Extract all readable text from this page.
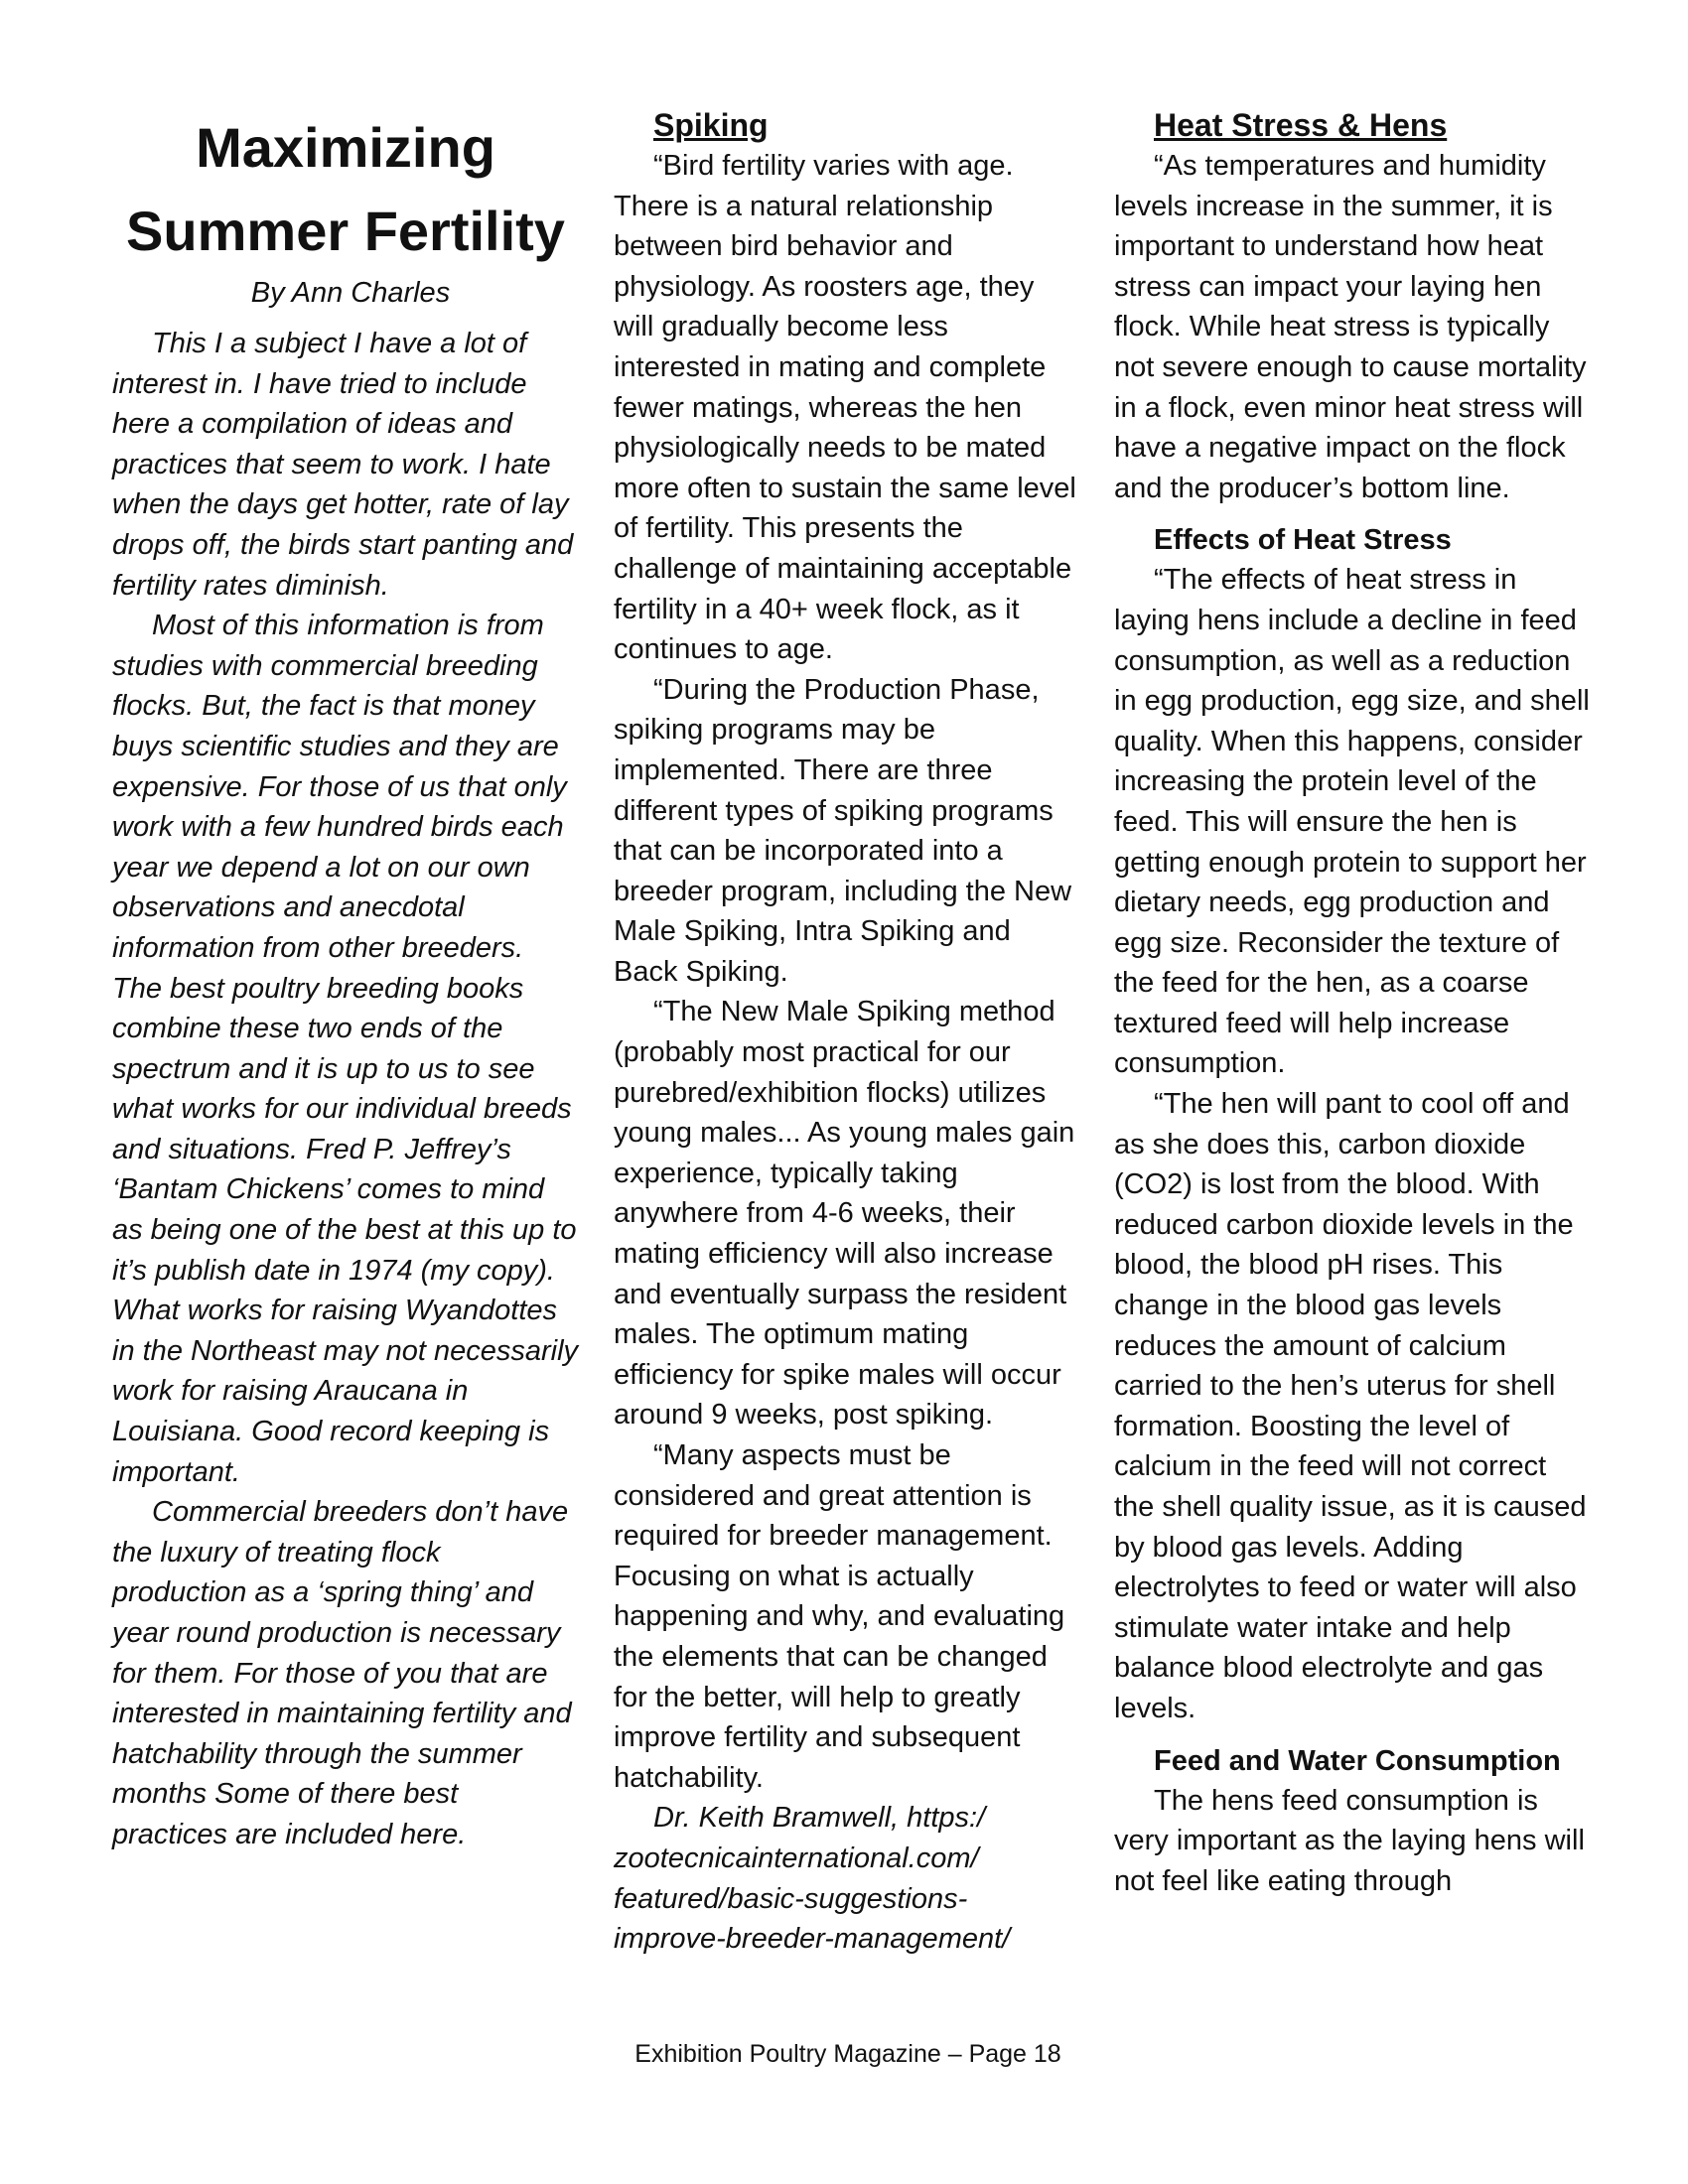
Maximizing
Summer Fertility

By Ann Charles

This I a subject I have a lot of interest in. I have tried to include here a compilation of ideas and practices that seem to work. I hate when the days get hotter, rate of lay drops off, the birds start panting and fertility rates diminish.

Most of this information is from studies with commercial breeding flocks. But, the fact is that money buys scientific studies and they are expensive. For those of us that only work with a few hundred birds each year we depend a lot on our own observations and anecdotal information from other breeders. The best poultry breeding books combine these two ends of the spectrum and it is up to us to see what works for our individual breeds and situations. Fred P. Jeffrey’s ‘Bantam Chickens’ comes to mind as being one of the best at this up to it’s publish date in 1974 (my copy). What works for raising Wyandottes in the Northeast may not necessarily work for raising Araucana in Louisiana. Good record keeping is important.

Commercial breeders don’t have the luxury of treating flock production as a ‘spring thing’ and year round production is necessary for them. For those of you that are interested in maintaining fertility and hatchability through the summer months Some of there best practices are included here.

Spiking

“Bird fertility varies with age. There is a natural relationship between bird behavior and physiology. As roosters age, they will gradually become less interested in mating and complete fewer matings, whereas the hen physiologically needs to be mated more often to sustain the same level of fertility. This presents the challenge of maintaining acceptable fertility in a 40+ week flock, as it continues to age.

“During the Production Phase, spiking programs may be implemented. There are three different types of spiking programs that can be incorporated into a breeder program, including the New Male Spiking, Intra Spiking and Back Spiking.

“The New Male Spiking method (probably most practical for our purebred/exhibition flocks) utilizes young males... As young males gain experience, typically taking anywhere from 4-6 weeks, their mating efficiency will also increase and eventually surpass the resident males. The optimum mating efficiency for spike males will occur around 9 weeks, post spiking.

“Many aspects must be considered and great attention is required for breeder management. Focusing on what is actually happening and why, and evaluating the elements that can be changed for the better, will help to greatly improve fertility and subsequent hatchability.

Dr. Keith Bramwell, https:/
zootecnicainternational.com/
featured/basic-suggestions-
improve-breeder-management/
Heat Stress & Hens

“As temperatures and humidity levels increase in the summer, it is important to understand how heat stress can impact your laying hen flock. While heat stress is typically not severe enough to cause mortality in a flock, even minor heat stress will have a negative impact on the flock and the producer’s bottom line.

Effects of Heat Stress

“The effects of heat stress in laying hens include a decline in feed consumption, as well as a reduction in egg production, egg size, and shell quality. When this happens, consider increasing the protein level of the feed. This will ensure the hen is getting enough protein to support her dietary needs, egg production and egg size. Reconsider the texture of the feed for the hen, as a coarse textured feed will help increase consumption.

“The hen will pant to cool off and as she does this, carbon dioxide (CO2) is lost from the blood. With reduced carbon dioxide levels in the blood, the blood pH rises. This change in the blood gas levels reduces the amount of calcium carried to the hen’s uterus for shell formation. Boosting the level of calcium in the feed will not correct the shell quality issue, as it is caused by blood gas levels. Adding electrolytes to feed or water will also stimulate water intake and help balance blood electrolyte and gas levels.

Feed and Water Consumption

The hens feed consumption is very important as the laying hens will not feel like eating through

Exhibition Poultry Magazine – Page 18
